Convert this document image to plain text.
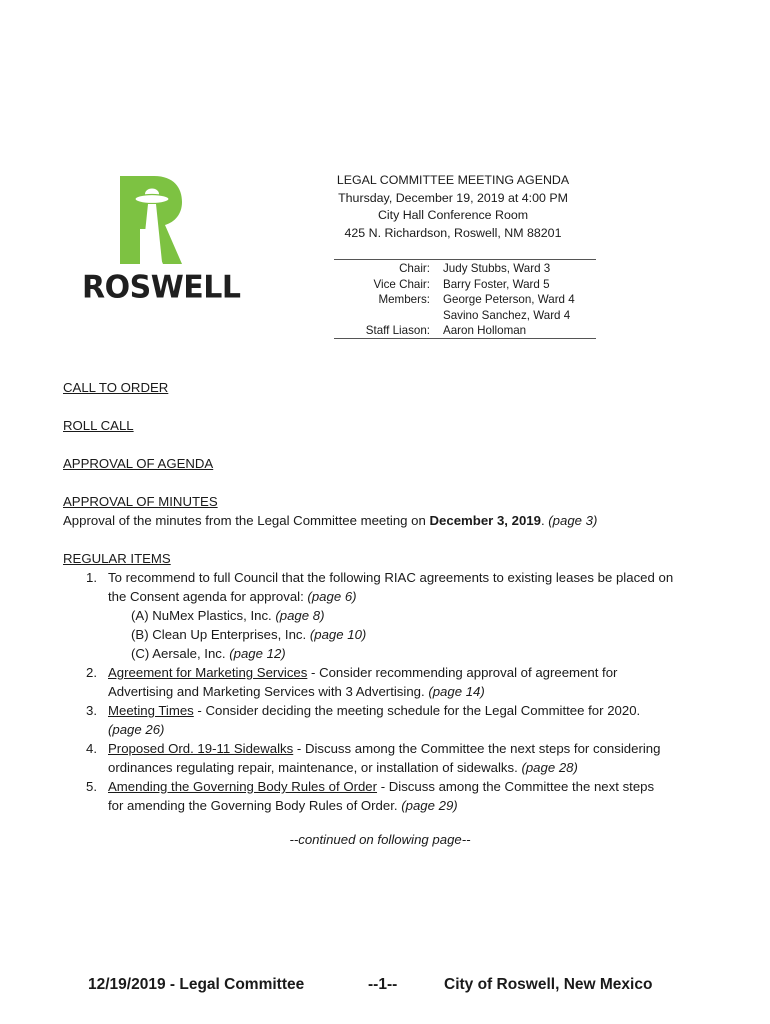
ROSWELL
LEGAL COMMITTEE MEETING AGENDA
Thursday, December 19, 2019 at 4:00 PM
City Hall Conference Room
425 N. Richardson, Roswell, NM 88201
Chair:	Judy Stubbs, Ward 3
Vice Chair:	Barry Foster, Ward 5
Members:	George Peterson, Ward 4
Savino Sanchez, Ward 4
Staff Liason:	Aaron Holloman
CALL TO ORDER
ROLL CALL
APPROVAL OF AGENDA
APPROVAL OF MINUTES
Approval of the minutes from the Legal Committee meeting on December 3, 2019. (page 3)
REGULAR ITEMS
1. To recommend to full Council that the following RIAC agreements to existing leases be placed on
the Consent agenda for approval: (page 6)
(A) NuMex Plastics, Inc. (page 8)
(B) Clean Up Enterprises, Inc. (page 10)
(C) Aersale, Inc. (page 12)
2. Agreement for Marketing Services - Consider recommending approval of agreement for
Advertising and Marketing Services with 3 Advertising. (page 14)
3. Meeting Times - Consider deciding the meeting schedule for the Legal Committee for 2020.
(page 26)
4. Proposed Ord. 19-11 Sidewalks - Discuss among the Committee the next steps for considering
ordinances regulating repair, maintenance, or installation of sidewalks. (page 28)
5. Amending the Governing Body Rules of Order - Discuss among the Committee the next steps
for amending the Governing Body Rules of Order. (page 29)
--continued on following page--
12/19/2019 - Legal Committee	--1--	City of Roswell, New Mexico
